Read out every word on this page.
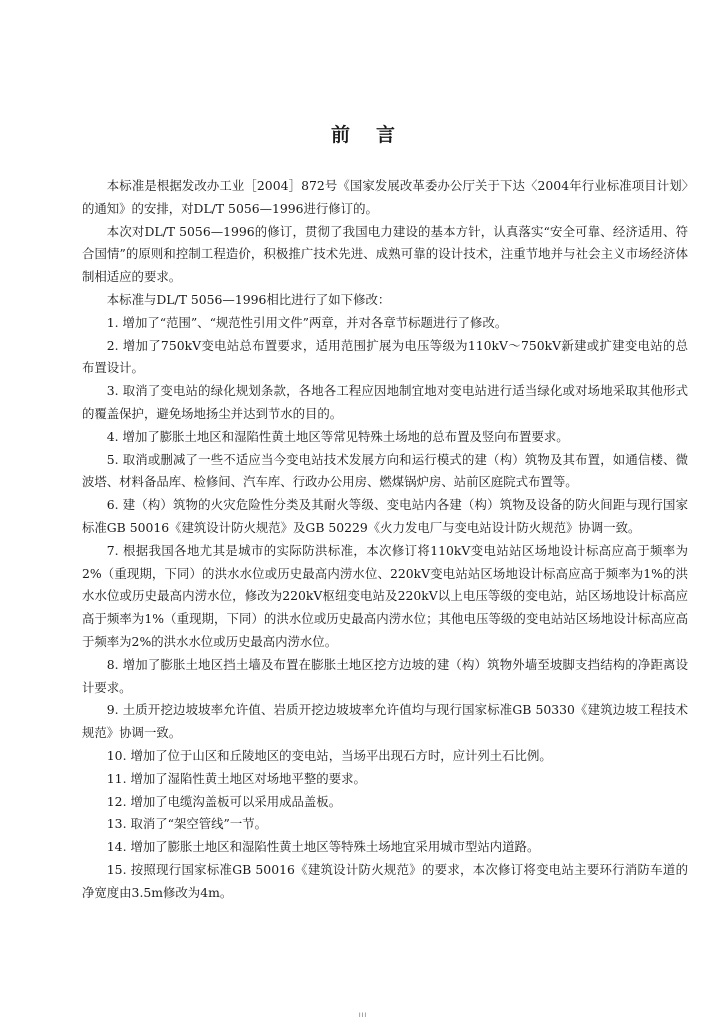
前言

本标准是根据发改办工业［2004］872号《国家发展改革委办公厅关于下达〈2004年行业标准项目计划〉的通知》的安排，对DL/T 5056—1996进行修订的。

本次对DL/T 5056—1996的修订，贯彻了我国电力建设的基本方针，认真落实“安全可靠、经济适用、符合国情”的原则和控制工程造价，积极推广技术先进、成熟可靠的设计技术，注重节地并与社会主义市场经济体制相适应的要求。

本标准与DL/T 5056—1996相比进行了如下修改：

1. 增加了“范围”、“规范性引用文件”两章，并对各章节标题进行了修改。

2. 增加了750kV变电站总布置要求，适用范围扩展为电压等级为110kV～750kV新建或扩建变电站的总布置设计。

3. 取消了变电站的绿化规划条款，各地各工程应因地制宜地对变电站进行适当绿化或对场地采取其他形式的覆盖保护，避免场地扬尘并达到节水的目的。

4. 增加了膨胀土地区和湿陷性黄土地区等常见特殊土场地的总布置及竖向布置要求。

5. 取消或删减了一些不适应当今变电站技术发展方向和运行模式的建（构）筑物及其布置，如通信楼、微波塔、材料备品库、检修间、汽车库、行政办公用房、燃煤锅炉房、站前区庭院式布置等。

6. 建（构）筑物的火灾危险性分类及其耐火等级、变电站内各建（构）筑物及设备的防火间距与现行国家标准GB 50016《建筑设计防火规范》及GB 50229《火力发电厂与变电站设计防火规范》协调一致。

7. 根据我国各地尤其是城市的实际防洪标准，本次修订将110kV变电站站区场地设计标高应高于频率为2%（重现期，下同）的洪水水位或历史最高内涝水位、220kV变电站站区场地设计标高应高于频率为1%的洪水水位或历史最高内涝水位，修改为220kV枢纽变电站及220kV以上电压等级的变电站，站区场地设计标高应高于频率为1%（重现期，下同）的洪水位或历史最高内涝水位；其他电压等级的变电站站区场地设计标高应高于频率为2%的洪水水位或历史最高内涝水位。

8. 增加了膨胀土地区挡土墙及布置在膨胀土地区挖方边坡的建（构）筑物外墙至坡脚支挡结构的净距离设计要求。

9. 土质开挖边坡坡率允许值、岩质开挖边坡坡率允许值均与现行国家标准GB 50330《建筑边坡工程技术规范》协调一致。

10. 增加了位于山区和丘陵地区的变电站，当场平出现石方时，应计列土石比例。

11. 增加了湿陷性黄土地区对场地平整的要求。

12. 增加了电缆沟盖板可以采用成品盖板。

13. 取消了“架空管线”一节。

14. 增加了膨胀土地区和湿陷性黄土地区等特殊土场地宜采用城市型站内道路。

15. 按照现行国家标准GB 50016《建筑设计防火规范》的要求，本次修订将变电站主要环行消防车道的净宽度由3.5m修改为4m。

III
